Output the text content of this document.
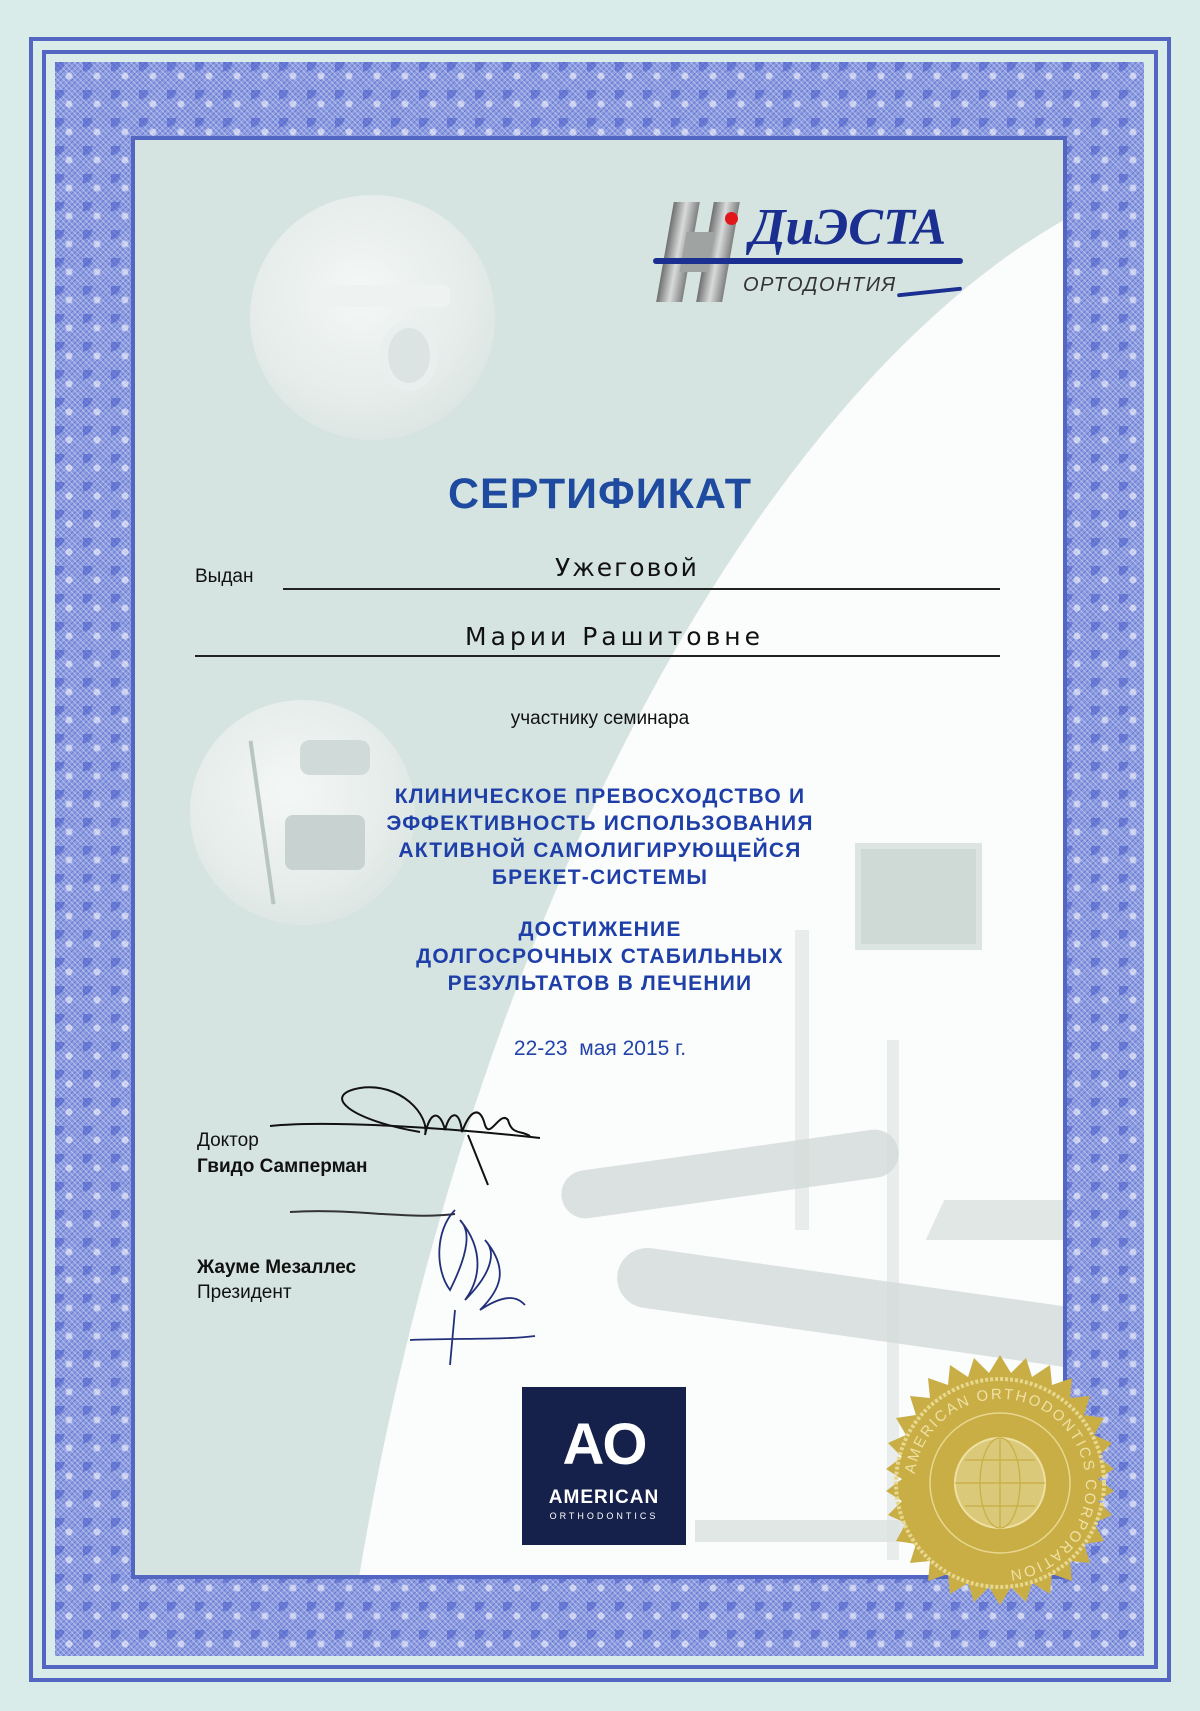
ДиЭСТА
ОРТОДОНТИЯ
СЕРТИФИКАТ
Выдан	Ужеговой
Марии Рашитовне
участнику семинара
КЛИНИЧЕСКОЕ ПРЕВОСХОДСТВО И
ЭФФЕКТИВНОСТЬ ИСПОЛЬЗОВАНИЯ
АКТИВНОЙ САМОЛИГИРУЮЩЕЙСЯ
БРЕКЕТ-СИСТЕМЫ
ДОСТИЖЕНИЕ
ДОЛГОСРОЧНЫХ СТАБИЛЬНЫХ
РЕЗУЛЬТАТОВ В ЛЕЧЕНИИ
22-23  мая 2015 г.
Доктор
Гвидо Самперман
Жауме Мезаллес
Президент
AO
AMERICAN
ORTHODONTICS
AMERICAN ORTHODONTICS CORPORATION
